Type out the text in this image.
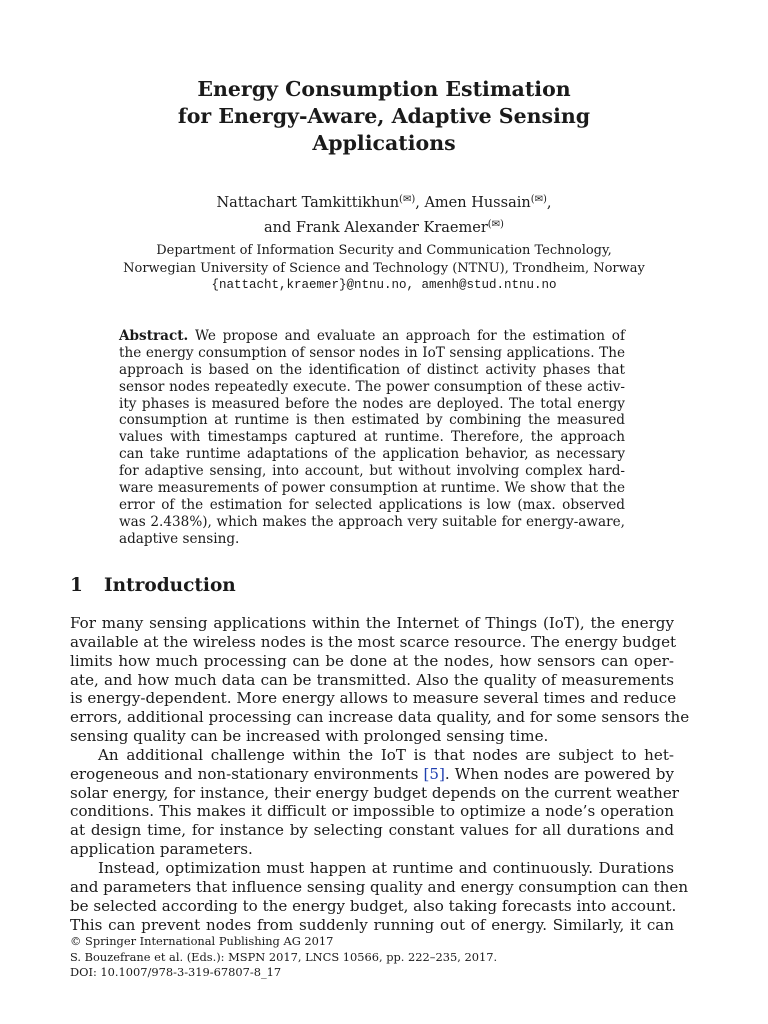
Energy Consumption Estimation
for Energy-Aware, Adaptive Sensing
Applications
Nattachart Tamkittikhun(✉), Amen Hussain(✉),
and Frank Alexander Kraemer(✉)
Department of Information Security and Communication Technology,
Norwegian University of Science and Technology (NTNU), Trondheim, Norway
{nattacht,kraemer}@ntnu.no, amenh@stud.ntnu.no
Abstract. We propose and evaluate an approach for the estimation of
the energy consumption of sensor nodes in IoT sensing applications. The
approach is based on the identification of distinct activity phases that
sensor nodes repeatedly execute. The power consumption of these activ-
ity phases is measured before the nodes are deployed. The total energy
consumption at runtime is then estimated by combining the measured
values with timestamps captured at runtime. Therefore, the approach
can take runtime adaptations of the application behavior, as necessary
for adaptive sensing, into account, but without involving complex hard-
ware measurements of power consumption at runtime. We show that the
error of the estimation for selected applications is low (max. observed
was 2.438%), which makes the approach very suitable for energy-aware,
adaptive sensing.
1 Introduction
For many sensing applications within the Internet of Things (IoT), the energy
available at the wireless nodes is the most scarce resource. The energy budget
limits how much processing can be done at the nodes, how sensors can oper-
ate, and how much data can be transmitted. Also the quality of measurements
is energy-dependent. More energy allows to measure several times and reduce
errors, additional processing can increase data quality, and for some sensors the
sensing quality can be increased with prolonged sensing time.
An additional challenge within the IoT is that nodes are subject to het-
erogeneous and non-stationary environments [5]. When nodes are powered by
solar energy, for instance, their energy budget depends on the current weather
conditions. This makes it difficult or impossible to optimize a node’s operation
at design time, for instance by selecting constant values for all durations and
application parameters.
Instead, optimization must happen at runtime and continuously. Durations
and parameters that influence sensing quality and energy consumption can then
be selected according to the energy budget, also taking forecasts into account.
This can prevent nodes from suddenly running out of energy. Similarly, it can
© Springer International Publishing AG 2017
S. Bouzefrane et al. (Eds.): MSPN 2017, LNCS 10566, pp. 222–235, 2017.
DOI: 10.1007/978-3-319-67807-8_17
